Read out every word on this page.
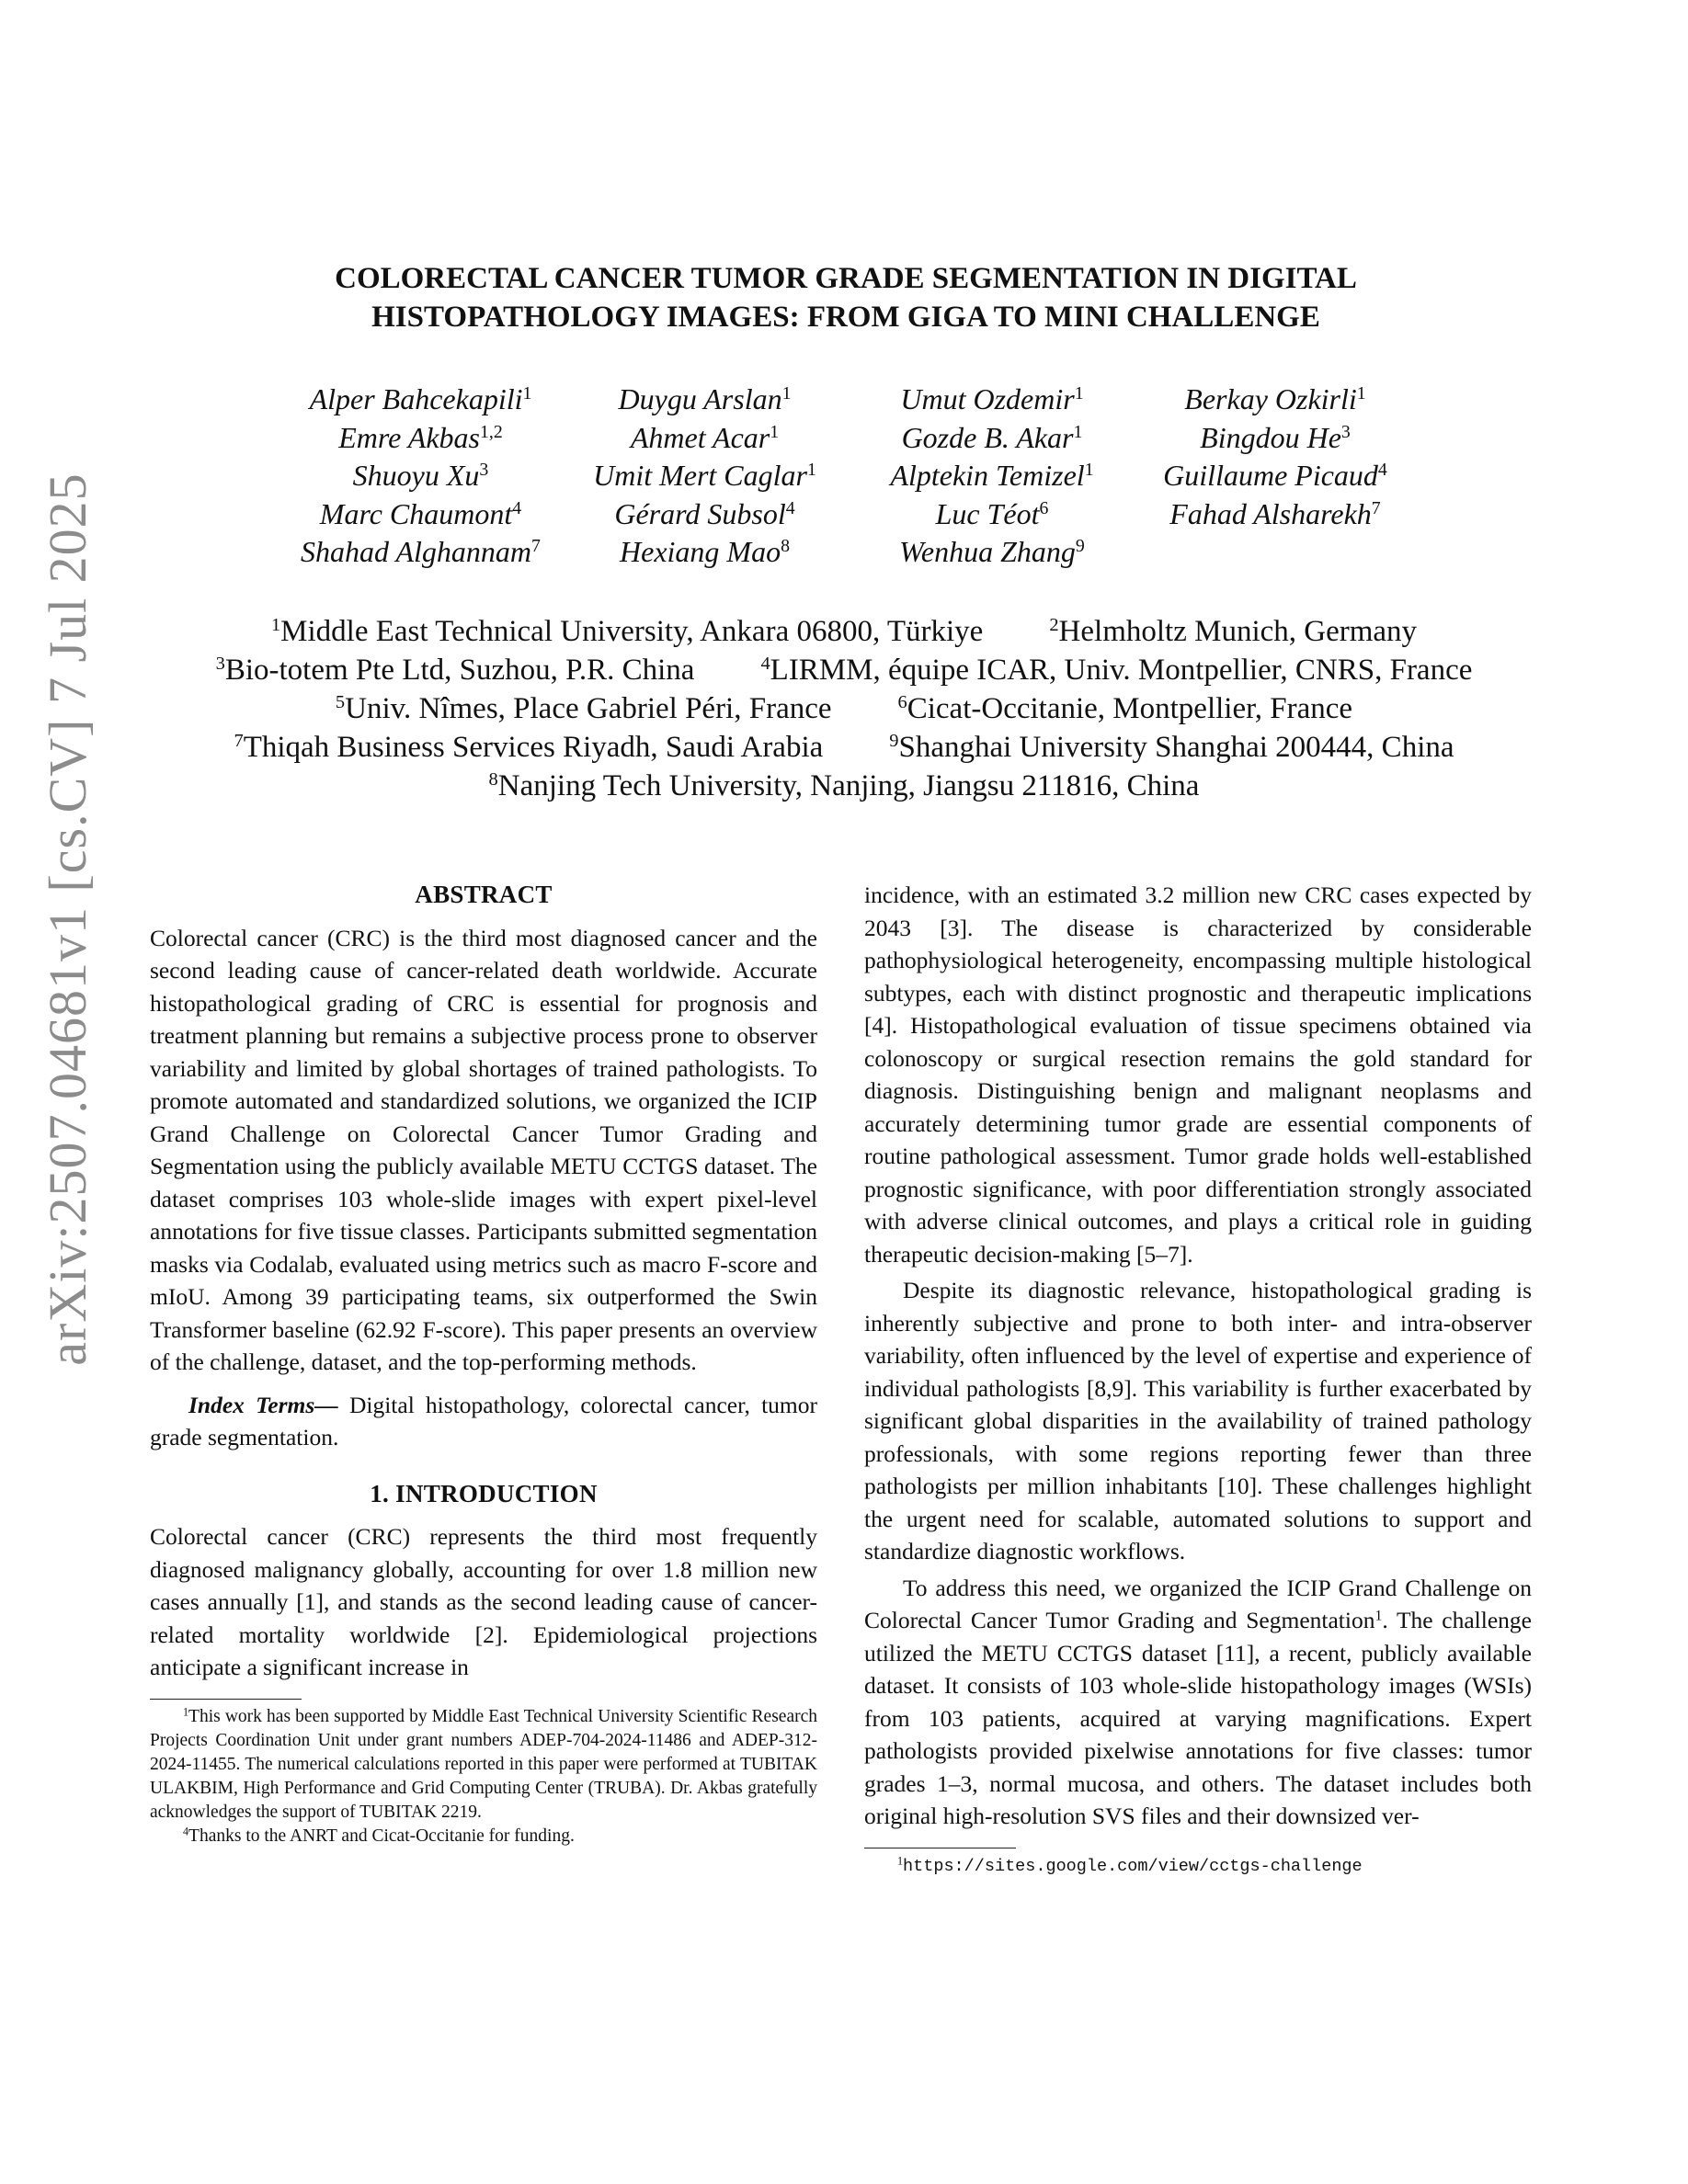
arXiv:2507.04681v1 [cs.CV] 7 Jul 2025
COLORECTAL CANCER TUMOR GRADE SEGMENTATION IN DIGITAL
HISTOPATHOLOGY IMAGES: FROM GIGA TO MINI CHALLENGE
Alper Bahcekapili$^1$	Duygu Arslan$^1$	Umut Ozdemir$^1$	Berkay Ozkirli$^1$
Emre Akbas$^{1,2}$	Ahmet Acar$^1$	Gozde B. Akar$^1$	Bingdou He$^3$
Shuoyu Xu$^3$	Umit Mert Caglar$^1$	Alptekin Temizel$^1$	Guillaume Picaud$^4$
Marc Chaumont$^4$	Gérard Subsol$^4$	Luc Téot$^6$	Fahad Alsharekh$^7$
Shahad Alghannam$^7$	Hexiang Mao$^8$	Wenhua Zhang$^9$
$^1$Middle East Technical University, Ankara 06800, Türkiye	$^2$Helmholtz Munich, Germany
$^3$Bio-totem Pte Ltd, Suzhou, P.R. China	$^4$LIRMM, équipe ICAR, Univ. Montpellier, CNRS, France
$^5$Univ. Nîmes, Place Gabriel Péri, France	$^6$Cicat-Occitanie, Montpellier, France
$^7$Thiqah Business Services Riyadh, Saudi Arabia	$^9$Shanghai University Shanghai 200444, China
$^8$Nanjing Tech University, Nanjing, Jiangsu 211816, China
ABSTRACT

Colorectal cancer (CRC) is the third most diagnosed cancer and the second leading cause of cancer-related death worldwide. Accurate histopathological grading of CRC is essential for prognosis and treatment planning but remains a subjective process prone to observer variability and limited by global shortages of trained pathologists. To promote automated and standardized solutions, we organized the ICIP Grand Challenge on Colorectal Cancer Tumor Grading and Segmentation using the publicly available METU CCTGS dataset. The dataset comprises 103 whole-slide images with expert pixel-level annotations for five tissue classes. Participants submitted segmentation masks via Codalab, evaluated using metrics such as macro F-score and mIoU. Among 39 participating teams, six outperformed the Swin Transformer baseline (62.92 F-score). This paper presents an overview of the challenge, dataset, and the top-performing methods.

Index Terms— Digital histopathology, colorectal cancer, tumor grade segmentation.

1. INTRODUCTION

Colorectal cancer (CRC) represents the third most frequently diagnosed malignancy globally, accounting for over 1.8 million new cases annually [1], and stands as the second leading cause of cancer-related mortality worldwide [2]. Epidemiological projections anticipate a significant increase in

$^1$This work has been supported by Middle East Technical University Scientific Research Projects Coordination Unit under grant numbers ADEP-704-2024-11486 and ADEP-312-2024-11455. The numerical calculations reported in this paper were performed at TUBITAK ULAKBIM, High Performance and Grid Computing Center (TRUBA). Dr. Akbas gratefully acknowledges the support of TUBITAK 2219.

$^4$Thanks to the ANRT and Cicat-Occitanie for funding.

incidence, with an estimated 3.2 million new CRC cases expected by 2043 [3]. The disease is characterized by considerable pathophysiological heterogeneity, encompassing multiple histological subtypes, each with distinct prognostic and therapeutic implications [4]. Histopathological evaluation of tissue specimens obtained via colonoscopy or surgical resection remains the gold standard for diagnosis. Distinguishing benign and malignant neoplasms and accurately determining tumor grade are essential components of routine pathological assessment. Tumor grade holds well-established prognostic significance, with poor differentiation strongly associated with adverse clinical outcomes, and plays a critical role in guiding therapeutic decision-making [5–7].

Despite its diagnostic relevance, histopathological grading is inherently subjective and prone to both inter- and intra-observer variability, often influenced by the level of expertise and experience of individual pathologists [8,9]. This variability is further exacerbated by significant global disparities in the availability of trained pathology professionals, with some regions reporting fewer than three pathologists per million inhabitants [10]. These challenges highlight the urgent need for scalable, automated solutions to support and standardize diagnostic workflows.

To address this need, we organized the ICIP Grand Challenge on Colorectal Cancer Tumor Grading and Segmentation$^1$. The challenge utilized the METU CCTGS dataset [11], a recent, publicly available dataset. It consists of 103 whole-slide histopathology images (WSIs) from 103 patients, acquired at varying magnifications. Expert pathologists provided pixelwise annotations for five classes: tumor grades 1–3, normal mucosa, and others. The dataset includes both original high-resolution SVS files and their downsized ver-

$^1$https://sites.google.com/view/cctgs-challenge
